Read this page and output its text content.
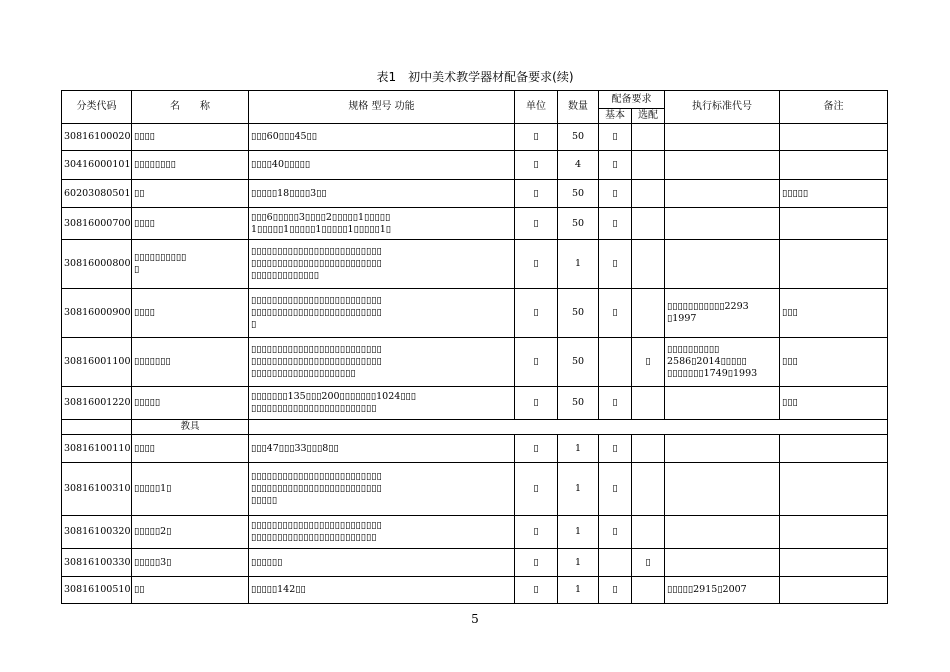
表1　初中美术教学器材配备要求(续)
分类代码	名　　称	规格 型号 功能	单位	数量	配备要求		执行标准代号	备注
					基本	选配		
30816100020	▯▯▯▯	▯▯▯60▯▯▯45▯▯	▯	50	▯			
30416000101	▯▯▯▯▯▯▯▯	▯▯▯▯40▯▯▯▯▯	▯	4	▯			
60203080501	▯▯	▯▯▯▯▯18▯▯▯▯3▯▯	▯	50	▯			▯▯▯▯▯
30816000700	▯▯▯▯	▯▯▯6▯▯▯▯▯3▯▯▯▯2▯▯▯▯▯1▯▯▯▯▯
1▯▯▯▯▯1▯▯▯▯▯1▯▯▯▯▯1▯▯▯▯▯1▯	▯	50	▯			
30816000800	▯▯▯▯▯▯▯▯▯▯
▯	▯▯▯▯▯▯▯▯▯▯▯▯▯▯▯▯▯▯▯▯▯▯▯▯▯
▯▯▯▯▯▯▯▯▯▯▯▯▯▯▯▯▯▯▯▯▯▯▯▯▯
▯▯▯▯▯▯▯▯▯▯▯▯▯	▯	1	▯			
30816000900	▯▯▯▯	▯▯▯▯▯▯▯▯▯▯▯▯▯▯▯▯▯▯▯▯▯▯▯▯▯
▯▯▯▯▯▯▯▯▯▯▯▯▯▯▯▯▯▯▯▯▯▯▯▯▯
▯	▯	50	▯		▯▯▯▯▯▯▯▯▯▯▯2293
▯1997	▯▯▯
30816001100	▯▯▯▯▯▯▯	▯▯▯▯▯▯▯▯▯▯▯▯▯▯▯▯▯▯▯▯▯▯▯▯▯
▯▯▯▯▯▯▯▯▯▯▯▯▯▯▯▯▯▯▯▯▯▯▯▯▯
▯▯▯▯▯▯▯▯▯▯▯▯▯▯▯▯▯▯▯▯	▯	50		▯	▯▯▯▯▯▯▯▯▯▯
2586▯2014▯▯▯▯▯
▯▯▯▯▯▯▯1749▯1993	▯▯▯
30816001220	▯▯▯▯▯	▯▯▯▯▯▯▯135▯▯▯200▯▯▯▯▯▯▯1024▯▯▯
▯▯▯▯▯▯▯▯▯▯▯▯▯▯▯▯▯▯▯▯▯▯▯▯	▯	50	▯			▯▯▯
	教具							
30816100110	▯▯▯▯	▯▯▯47▯▯▯33▯▯▯8▯▯	▯	1	▯			
30816100310	▯▯▯▯▯1▯	▯▯▯▯▯▯▯▯▯▯▯▯▯▯▯▯▯▯▯▯▯▯▯▯▯
▯▯▯▯▯▯▯▯▯▯▯▯▯▯▯▯▯▯▯▯▯▯▯▯▯
▯▯▯▯▯	▯	1	▯			
30816100320	▯▯▯▯▯2▯	▯▯▯▯▯▯▯▯▯▯▯▯▯▯▯▯▯▯▯▯▯▯▯▯▯
▯▯▯▯▯▯▯▯▯▯▯▯▯▯▯▯▯▯▯▯▯▯▯▯	▯	1	▯			
30816100330	▯▯▯▯▯3▯	▯▯▯▯▯▯	▯	1		▯		
30816100510	▯▯	▯▯▯▯▯142▯▯	▯	1	▯		▯▯▯▯▯2915▯2007	
5
